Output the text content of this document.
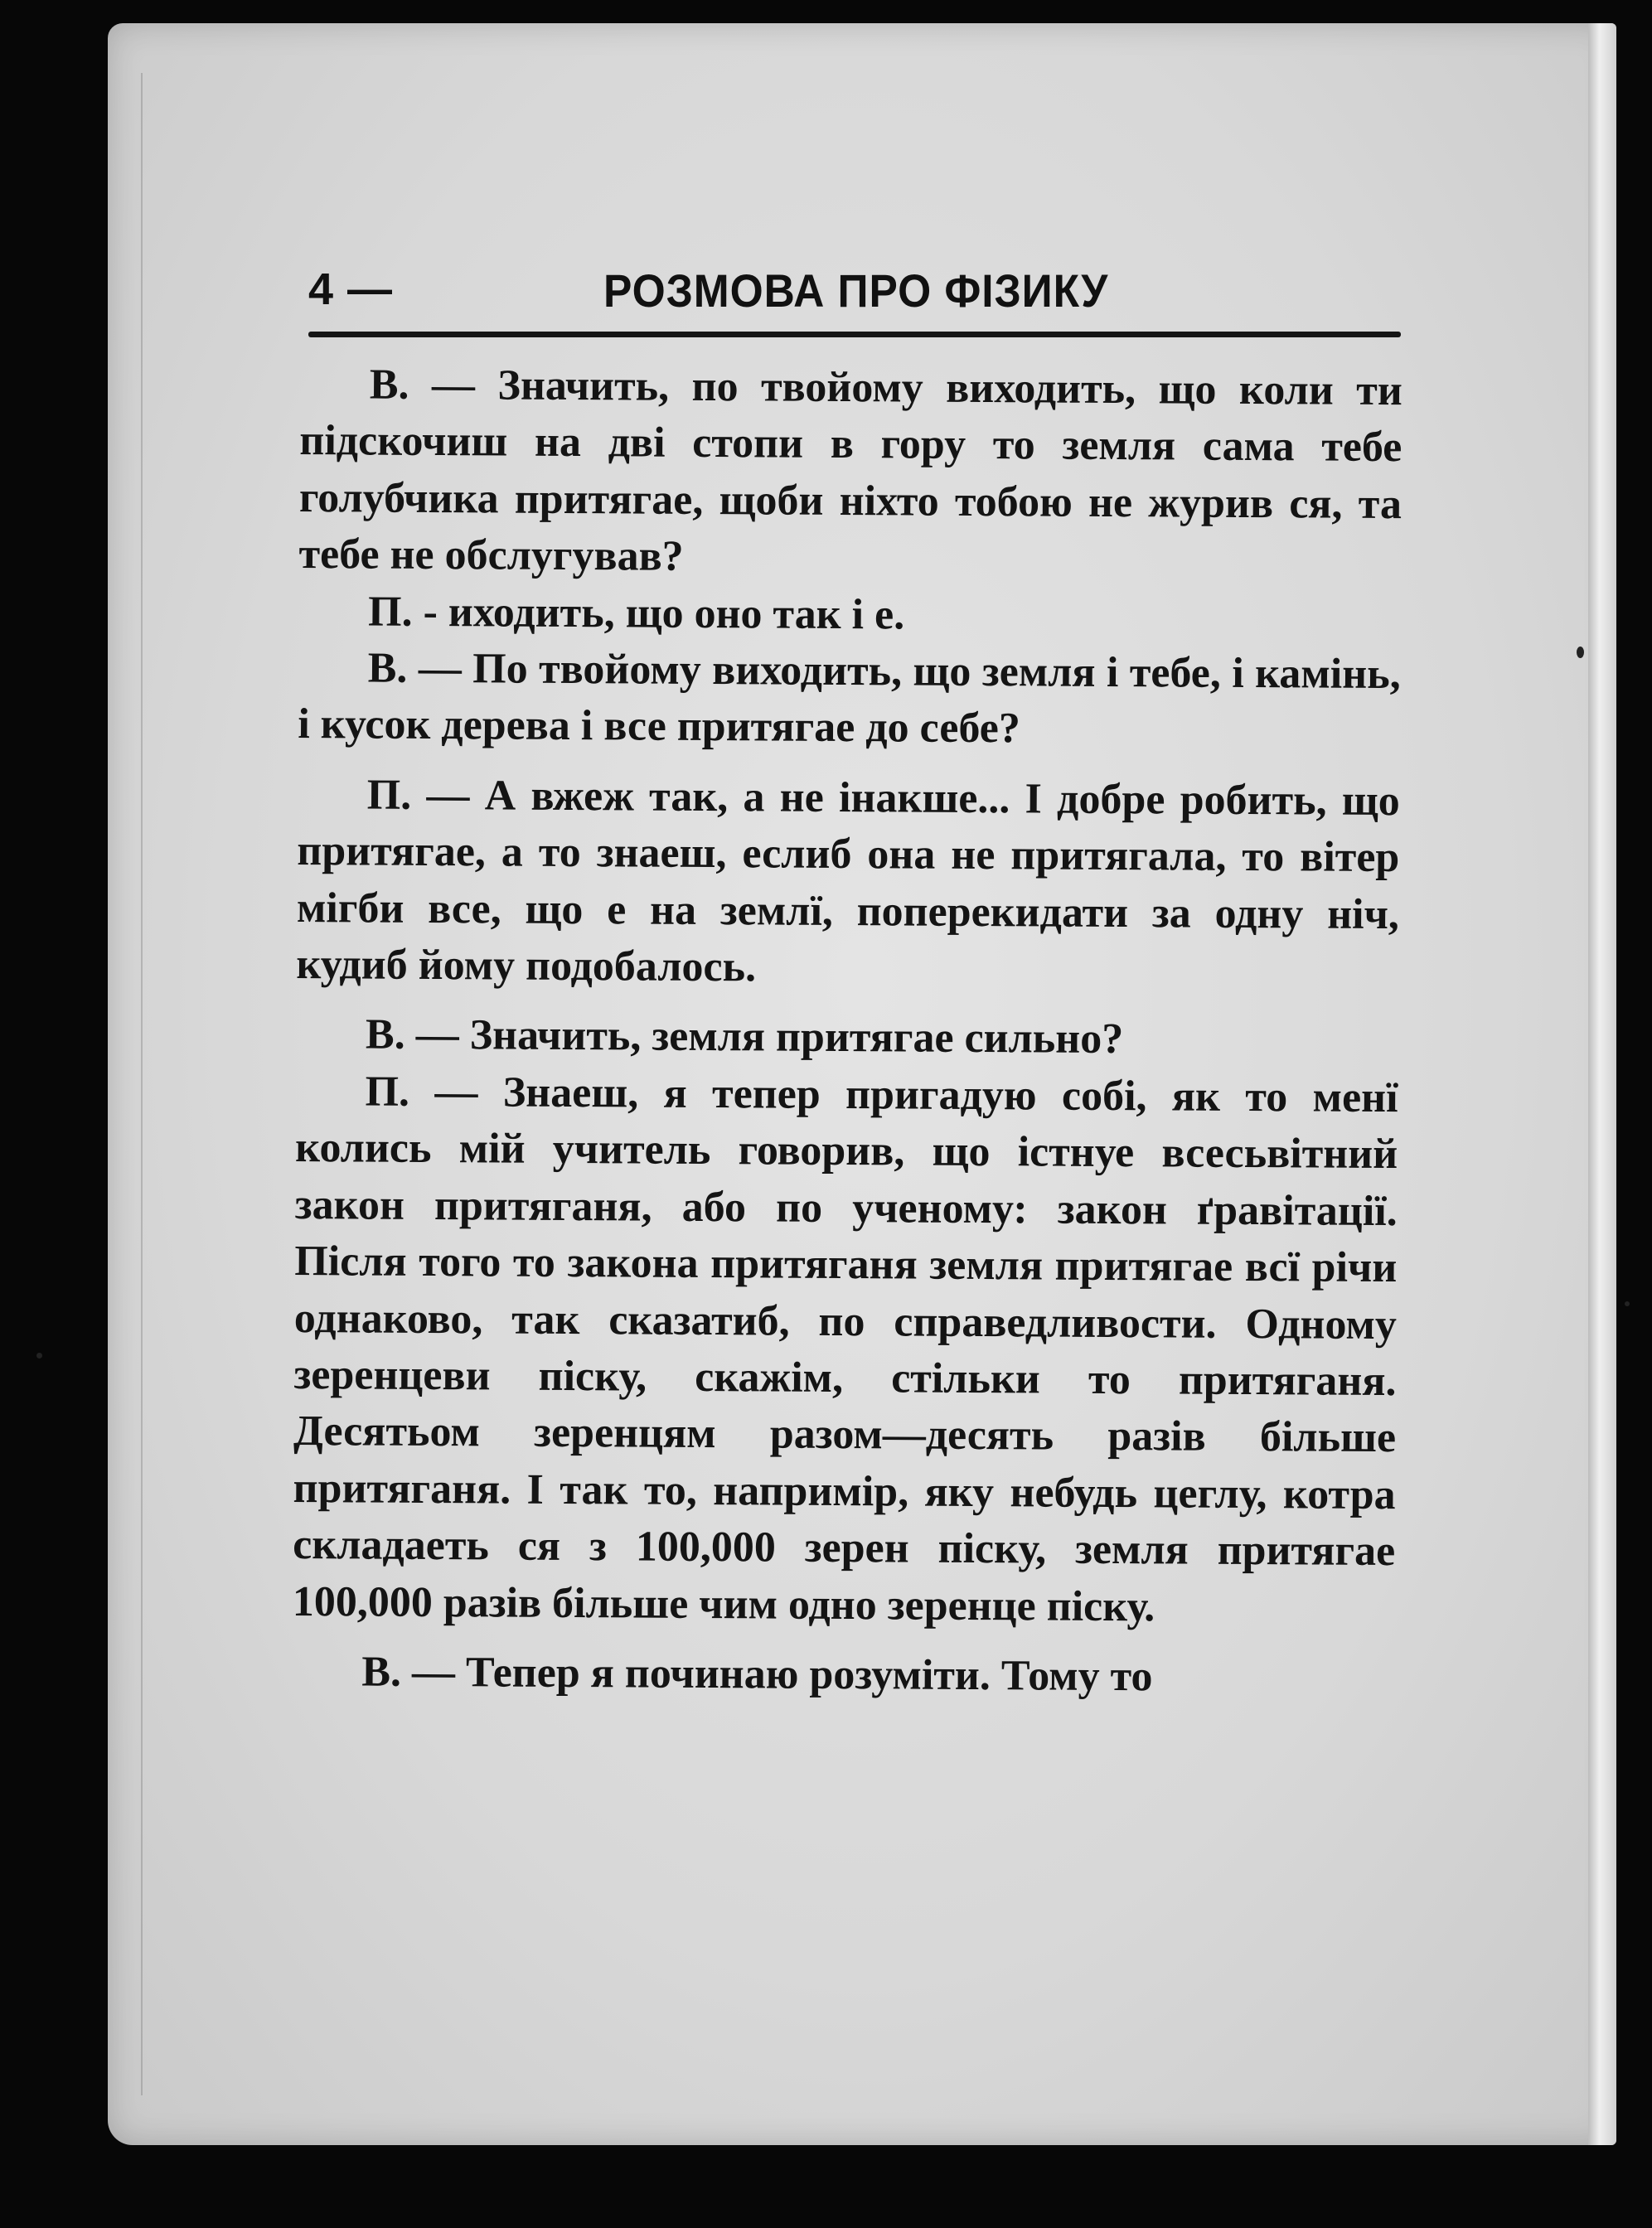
4 —	РОЗМОВА ПРО ФІЗИКУ

В. — Значить, по твойому виходить, що коли ти підскочиш на дві стопи в гору то земля сама тебе голубчика притягае, щоби ніхто тобою не журив ся, та тебе не обслугував?

П. - иходить, що оно так і е.

В. — По твойому виходить, що земля і тебе, і камінь, і кусок дерева і все притягае до себе?

П. — А вжеж так, а не інакше... І добре робить, що притягае, а то знаеш, еслиб она не притягала, то вітер мігби все, що е на землї, поперекидати за одну ніч, кудиб йому подобалось.

В. — Значить, земля притягае сильно?

П. — Знаеш, я тепер пригадую собі, як то менї колись мій учитель говорив, що істнуе всесьвітний закон притяганя, або по ученому: закон ґравітації. Після того то закона притяганя земля притягае всї річи однаково, так сказатиб, по справедливости. Одному зеренцеви піску, скажім, стільки то притяганя. Десятьом зеренцям разом—десять разів більше притяганя. І так то, напримір, яку небудь цеглу, котра складаеть ся з 100,000 зерен піску, земля притягае 100,000 разів більше чим одно зеренце піску.

В. — Тепер я починаю розуміти. Тому то
